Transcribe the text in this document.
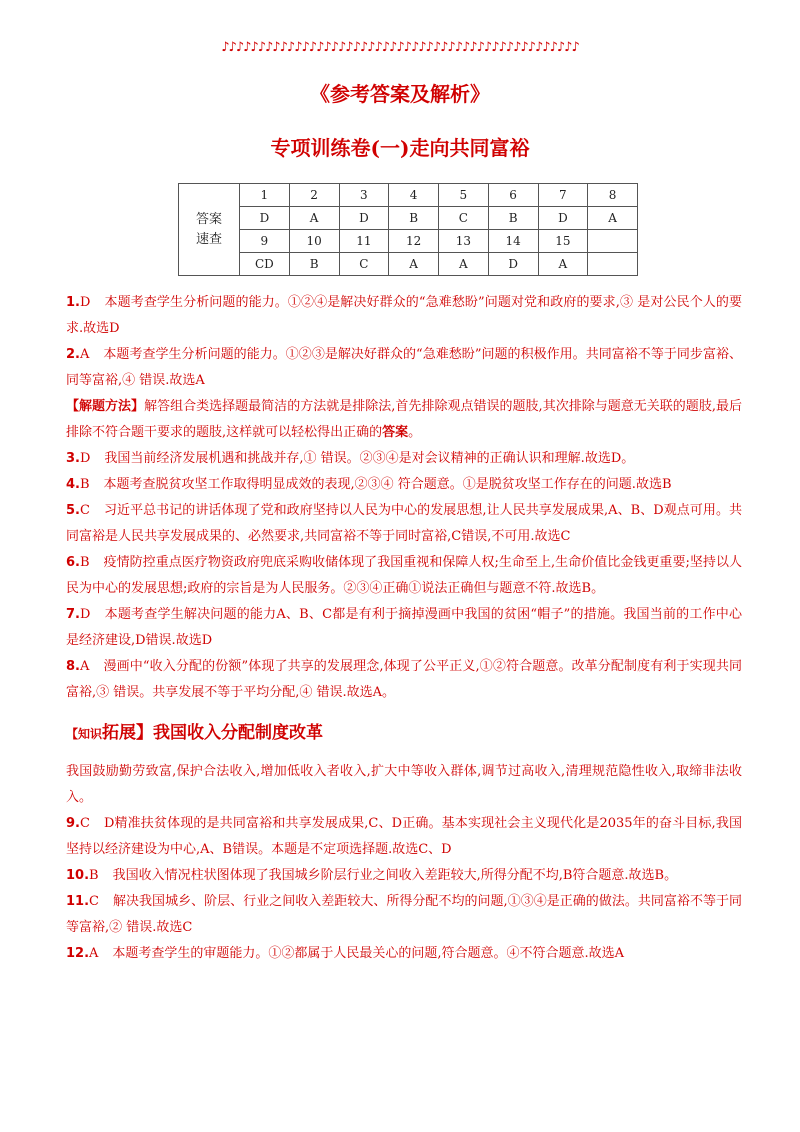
♪♪♪♪♪♪♪♪♪♪♪♪♪♪♪♪♪♪♪♪♪♪♪♪♪♪♪♪♪♪♪♪♪♪♪♪♪♪♪♪♪♪♪♪♪♪♪♪♪
《参考答案及解析》
专项训练卷(一)走向共同富裕
答案
速查	1	2	3	4	5	6	7	8
	D	A	D	B	C	B	D	A
	9	10	11	12	13	14	15	
	CD	B	C	A	A	D	A	

1.D 本题考查学生分析问题的能力。①②④是解决好群众的“急难愁盼”问题对党和政府的要求,③ 是对公民个人的要求.故选D

2.A 本题考查学生分析问题的能力。①②③是解决好群众的“急难愁盼”问题的积极作用。共同富裕不等于同步富裕、同等富裕,④ 错误.故选A

【解题方法】解答组合类选择题最简洁的方法就是排除法,首先排除观点错误的题肢,其次排除与题意无关联的题肢,最后排除不符合题干要求的题肢,这样就可以轻松得出正确的答案。

3.D 我国当前经济发展机遇和挑战并存,① 错误。②③④是对会议精神的正确认识和理解.故选D。

4.B 本题考查脱贫攻坚工作取得明显成效的表现,②③④ 符合题意。①是脱贫攻坚工作存在的问题.故选B

5.C 习近平总书记的讲话体现了党和政府坚持以人民为中心的发展思想,让人民共享发展成果,A、B、D观点可用。共同富裕是人民共享发展成果的、必然要求,共同富裕不等于同时富裕,C错误,不可用.故选C

6.B 疫情防控重点医疗物资政府兜底采购收储体现了我国重视和保障人权;生命至上,生命价值比金钱更重要;坚持以人民为中心的发展思想;政府的宗旨是为人民服务。②③④正确①说法正确但与题意不符.故选B。

7.D 本题考查学生解决问题的能力A、B、C都是有利于摘掉漫画中我国的贫困“帽子”的措施。我国当前的工作中心是经济建设,D错误.故选D

8.A 漫画中“收入分配的份额”体现了共享的发展理念,体现了公平正义,①②符合题意。改革分配制度有利于实现共同富裕,③ 错误。共享发展不等于平均分配,④ 错误.故选A。

【知识拓展】我国收入分配制度改革

我国鼓励勤劳致富,保护合法收入,增加低收入者收入,扩大中等收入群体,调节过高收入,清理规范隐性收入,取缔非法收入。

9.C D精准扶贫体现的是共同富裕和共享发展成果,C、D正确。基本实现社会主义现代化是2035年的奋斗目标,我国坚持以经济建设为中心,A、B错误。本题是不定项选择题.故选C、D

10.B 我国收入情况柱状图体现了我国城乡阶层行业之间收入差距较大,所得分配不均,B符合题意.故选B。

11.C 解决我国城乡、阶层、行业之间收入差距较大、所得分配不均的问题,①③④是正确的做法。共同富裕不等于同等富裕,② 错误.故选C

12.A 本题考查学生的审题能力。①②都属于人民最关心的问题,符合题意。④不符合题意.故选A
